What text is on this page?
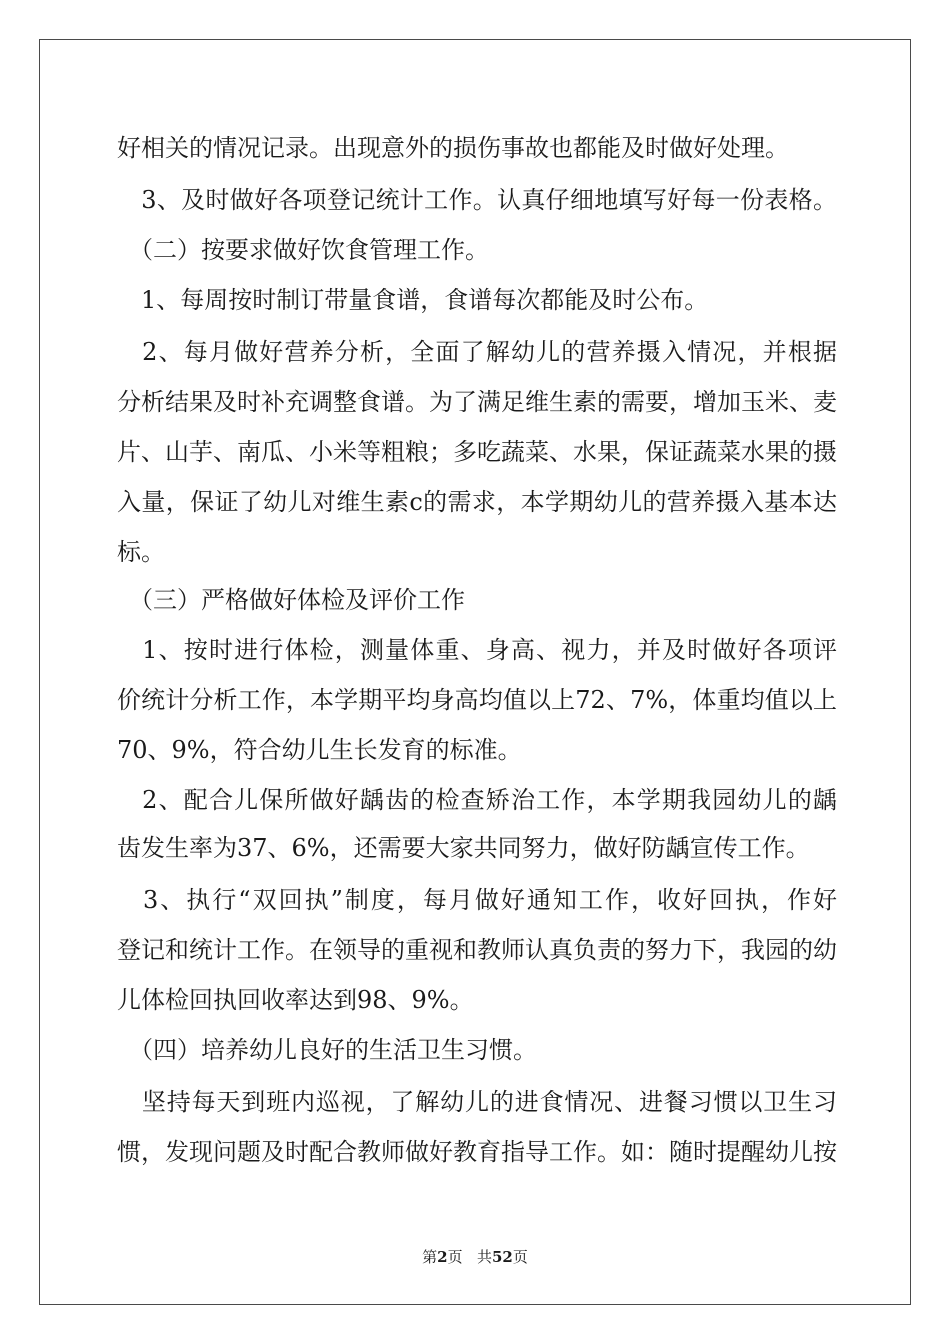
好相关的情况记录。出现意外的损伤事故也都能及时做好处理。
　3、及时做好各项登记统计工作。认真仔细地填写好每一份表格。
　（二）按要求做好饮食管理工作。
　1、每周按时制订带量食谱，食谱每次都能及时公布。
　2、每月做好营养分析，全面了解幼儿的营养摄入情况，并根据
分析结果及时补充调整食谱。为了满足维生素的需要，增加玉米、麦
片、山芋、南瓜、小米等粗粮；多吃蔬菜、水果，保证蔬菜水果的摄
入量，保证了幼儿对维生素c的需求，本学期幼儿的营养摄入基本达
标。
　（三）严格做好体检及评价工作
　1、按时进行体检，测量体重、身高、视力，并及时做好各项评
价统计分析工作，本学期平均身高均值以上72、7%，体重均值以上
70、9%，符合幼儿生长发育的标准。
　2、配合儿保所做好龋齿的检查矫治工作，本学期我园幼儿的龋
齿发生率为37、6%，还需要大家共同努力，做好防龋宣传工作。
　3、执行“双回执”制度，每月做好通知工作，收好回执，作好
登记和统计工作。在领导的重视和教师认真负责的努力下，我园的幼
儿体检回执回收率达到98、9%。
　（四）培养幼儿良好的生活卫生习惯。
　坚持每天到班内巡视，了解幼儿的进食情况、进餐习惯以卫生习
惯，发现问题及时配合教师做好教育指导工作。如：随时提醒幼儿按
第2页 共52页
